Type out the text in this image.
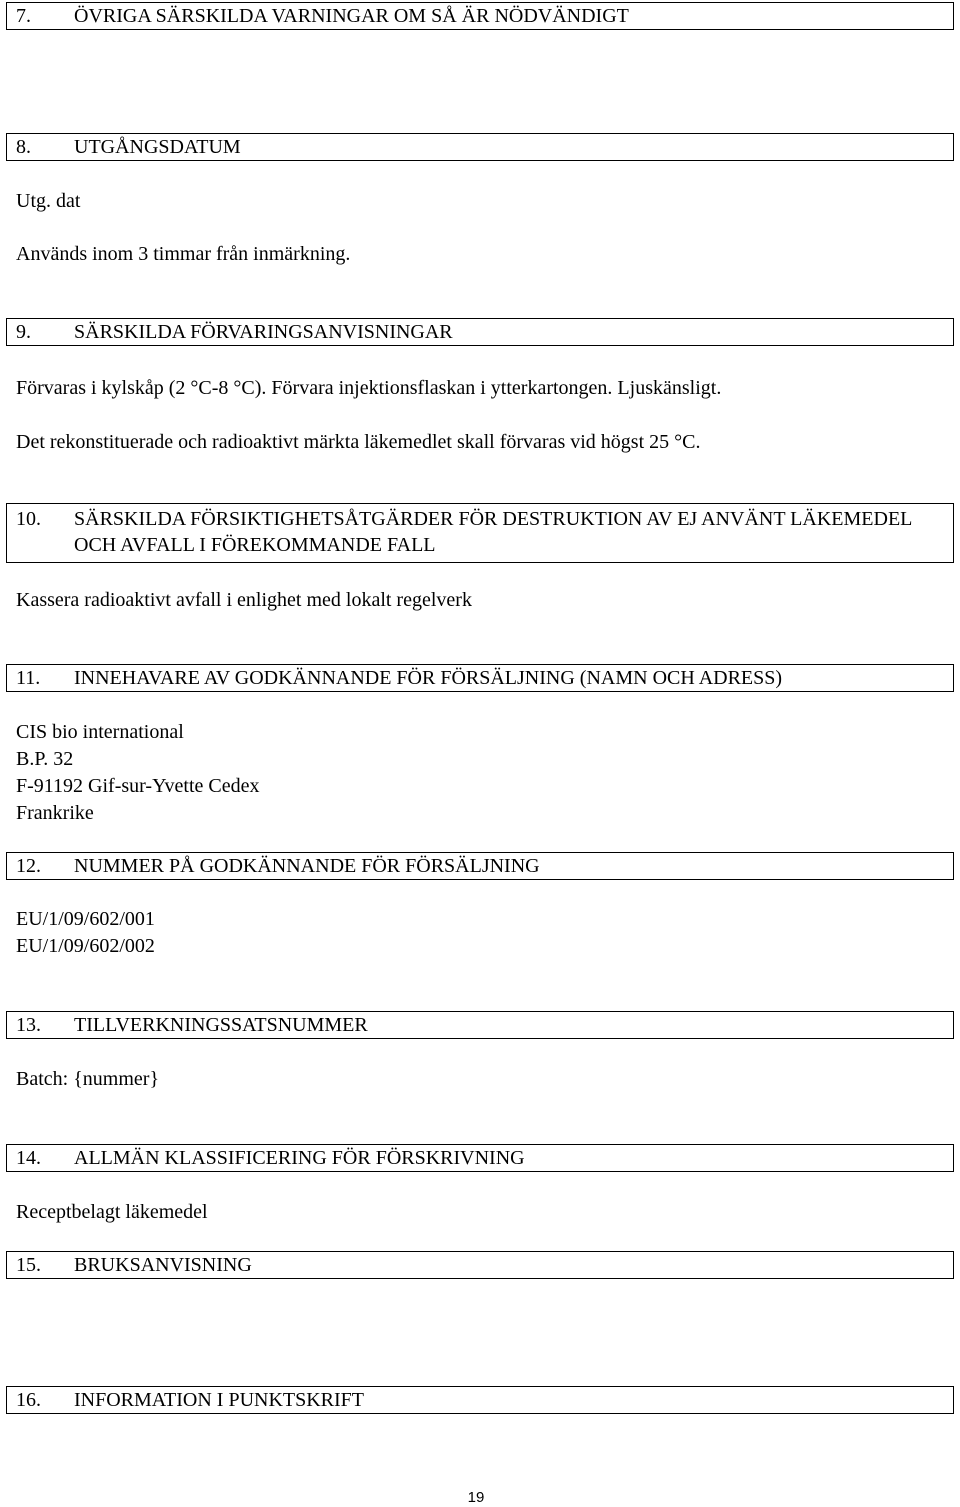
7. ÖVRIGA SÄRSKILDA VARNINGAR OM SÅ ÄR NÖDVÄNDIGT
8. UTGÅNGSDATUM
Utg. dat
Används inom 3 timmar från inmärkning.
9. SÄRSKILDA FÖRVARINGSANVISNINGAR
Förvaras i kylskåp (2 °C-8 °C). Förvara injektionsflaskan i ytterkartongen. Ljuskänsligt.
Det rekonstituerade och radioaktivt märkta läkemedlet skall förvaras vid högst 25 °C.
10. SÄRSKILDA FÖRSIKTIGHETSÅTGÄRDER FÖR DESTRUKTION AV EJ ANVÄNT LÄKEMEDEL OCH AVFALL I FÖREKOMMANDE FALL
Kassera radioaktivt avfall i enlighet med lokalt regelverk
11. INNEHAVARE AV GODKÄNNANDE FÖR FÖRSÄLJNING (NAMN OCH ADRESS)
CIS bio international
B.P. 32
F-91192 Gif-sur-Yvette Cedex
Frankrike
12. NUMMER PÅ GODKÄNNANDE FÖR FÖRSÄLJNING
EU/1/09/602/001
EU/1/09/602/002
13. TILLVERKNINGSSATSNUMMER
Batch: {nummer}
14. ALLMÄN KLASSIFICERING FÖR FÖRSKRIVNING
Receptbelagt läkemedel
15. BRUKSANVISNING
16. INFORMATION I PUNKTSKRIFT
19
